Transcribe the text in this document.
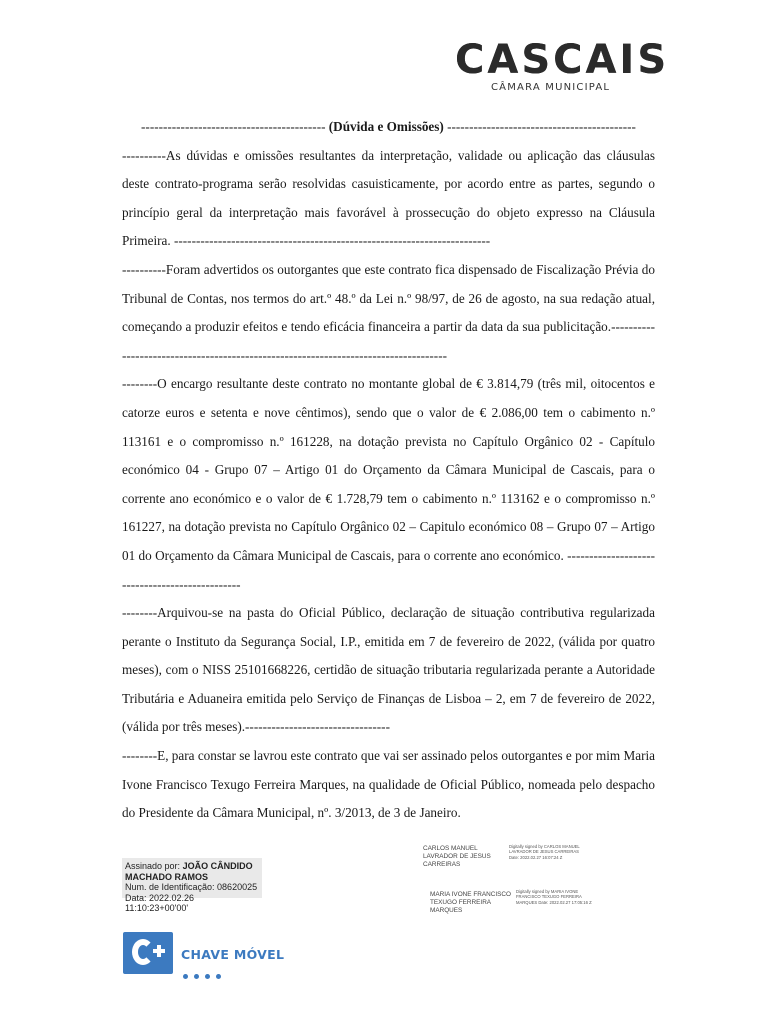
CASCAIS
CÂMARA MUNICIPAL
------------------------------------------ (Dúvida e Omissões) -------------------------------------------

----------As dúvidas e omissões resultantes da interpretação, validade ou aplicação das cláusulas deste contrato-programa serão resolvidas casuisticamente, por acordo entre as partes, segundo o princípio geral da interpretação mais favorável à prossecução do objeto expresso na Cláusula Primeira. ------------------------------------------------------------------------

----------Foram advertidos os outorgantes que este contrato fica dispensado de Fiscalização Prévia do Tribunal de Contas, nos termos do art.º 48.º da Lei n.º 98/97, de 26 de agosto, na sua redação atual, começando a produzir efeitos e tendo eficácia financeira a partir da data da sua publicitação.------------------------------------------------------------------------------------

--------O encargo resultante deste contrato no montante global de € 3.814,79 (três mil, oitocentos e catorze euros e setenta e nove cêntimos), sendo que o valor de € 2.086,00 tem o cabimento n.º 113161 e o compromisso n.º 161228, na dotação prevista no Capítulo Orgânico 02 - Capítulo económico 04 - Grupo 07 – Artigo 01 do Orçamento da Câmara Municipal de Cascais, para o corrente ano económico e o valor de € 1.728,79 tem o cabimento n.º 113162 e o compromisso n.º 161227, na dotação prevista no Capítulo Orgânico 02 – Capitulo económico 08 – Grupo 07 – Artigo 01 do Orçamento da Câmara Municipal de Cascais, para o corrente ano económico. -----------------------------------------------

--------Arquivou-se na pasta do Oficial Público, declaração de situação contributiva regularizada perante o Instituto da Segurança Social, I.P., emitida em 7 de fevereiro de 2022, (válida por quatro meses), com o NISS 25101668226, certidão de situação tributaria regularizada perante a Autoridade Tributária e Aduaneira emitida pelo Serviço de Finanças de Lisboa – 2, em 7 de fevereiro de 2022, (válida por três meses).---------------------------------

--------E, para constar se lavrou este contrato que vai ser assinado pelos outorgantes e por mim Maria Ivone Francisco Texugo Ferreira Marques, na qualidade de Oficial Público, nomeada pelo despacho do Presidente da Câmara Municipal, nº. 3/2013, de 3 de Janeiro.

CARLOS MANUEL LAVRADOR DE JESUS CARREIRAS
Digitally signed by CARLOS MANUEL LAVRADOR DE JESUS CARREIRAS Date: 2022.02.27 16:07:24 Z
Assinado por: JOÃO CÂNDIDO MACHADO RAMOS
Num. de Identificação: 08620025
Data: 2022.02.26 11:10:23+00'00'
MARIA IVONE FRANCISCO TEXUGO FERREIRA MARQUES
Digitally signed by MARIA IVONE FRANCISCO TEXUGO FERREIRA MARQUES Date: 2022.02.27 17:05:16 Z
CHAVE MÓVEL
